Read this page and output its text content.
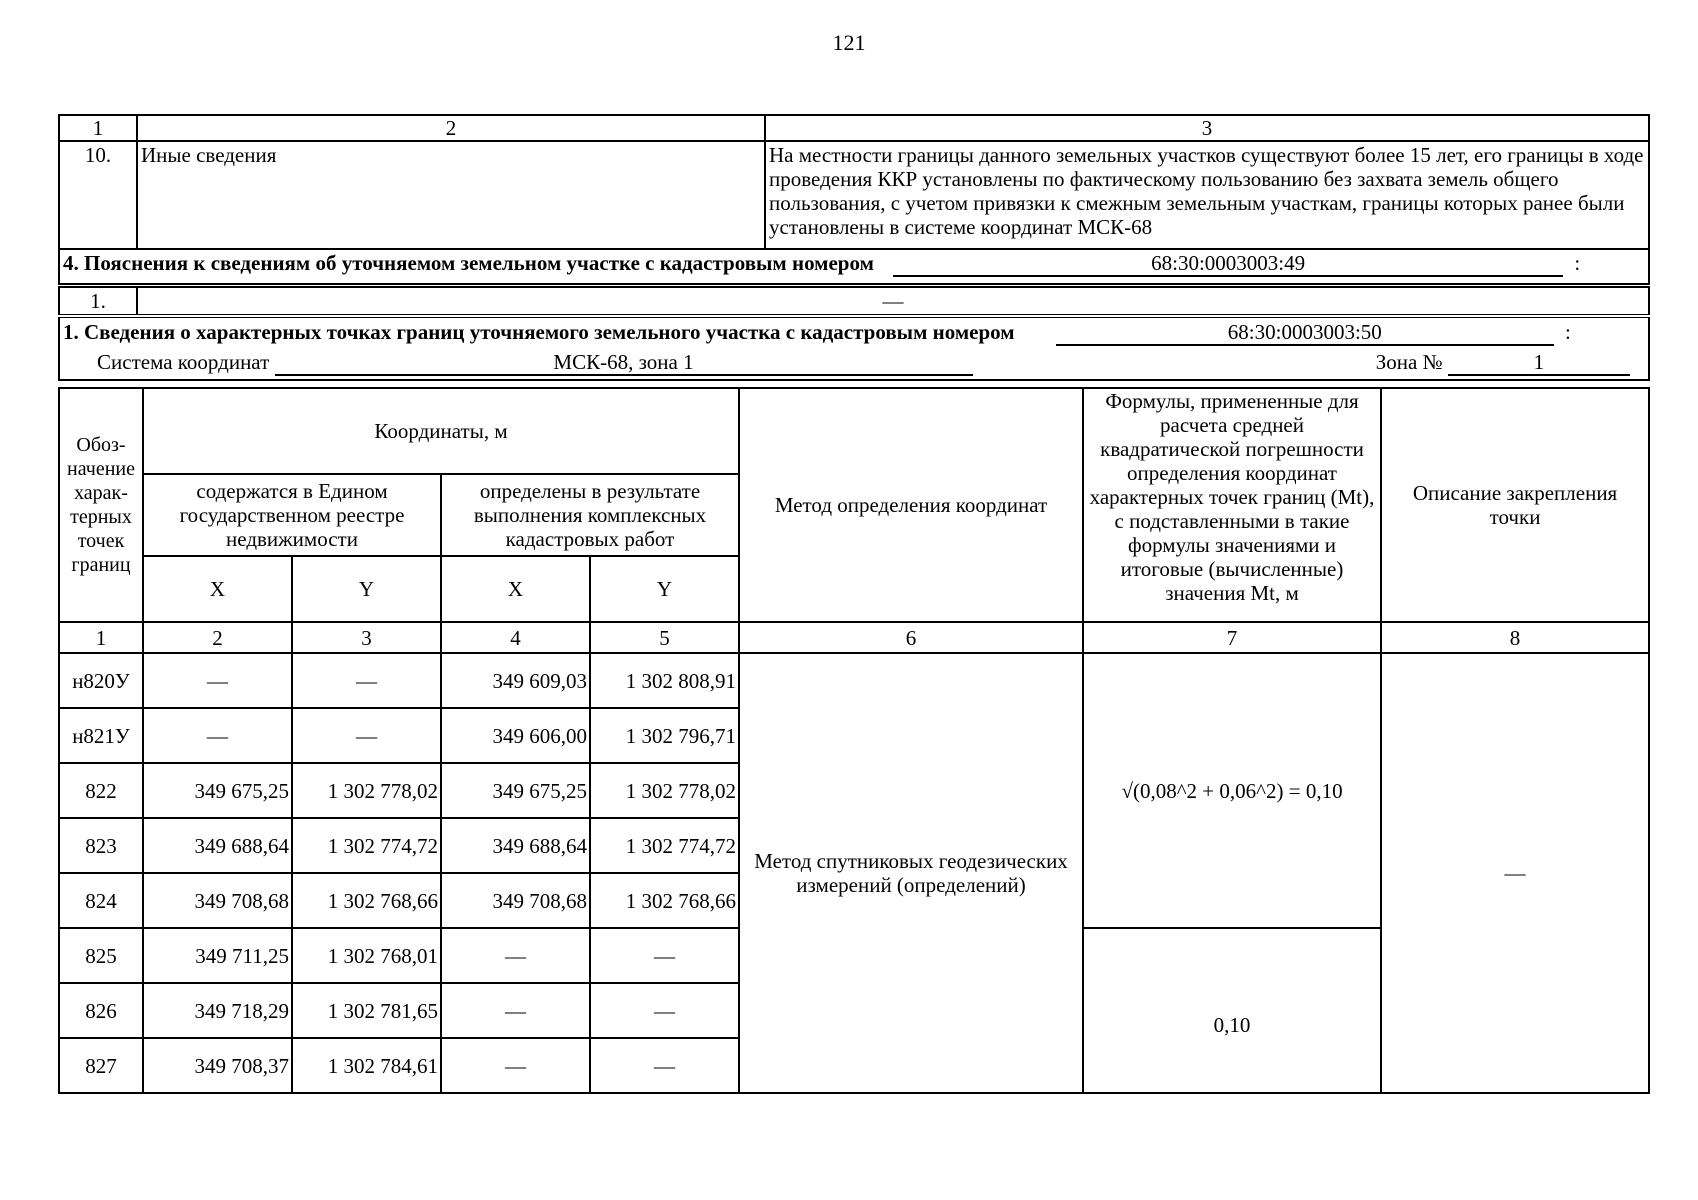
121
1	2	3
10.	Иные сведения	На местности границы данного земельных участков существуют более 15 лет, его границы в ходе проведения ККР установлены по фактическому пользованию без захвата земель общего пользования, с учетом привязки к смежным земельным участкам, границы которых ранее были установлены в системе координат МСК-68
4. Пояснения к сведениям об уточняемом земельном участке с кадастровым номером 68:30:0003003:49 :		
1.	—	

1. Сведения о характерных точках границ уточняемого земельного участка с кадастровым номером 68:30:0003003:50 :
Система координат МСК-68, зона 1 Зона № 1		
Обоз-начение харак-терных точек границ	Координаты, м				Метод определения координат	Формулы, примененные для расчета средней квадратической погрешности определения координат характерных точек границ (Mt), с подставленными в такие формулы значениями и итоговые (вычисленные) значения Mt, м	Описание закрепления точки
	содержатся в Едином государственном реестре недвижимости		определены в результате выполнения комплексных кадастровых работ				
	X	Y	X	Y			
1	2	3	4	5	6	7	8
н820У	—	—	349 609,03	1 302 808,91	Метод спутниковых геодезических измерений (определений)	√(0,08^2 + 0,06^2) = 0,10	—
н821У	—	—	349 606,00	1 302 796,71			
822	349 675,25	1 302 778,02	349 675,25	1 302 778,02			
823	349 688,64	1 302 774,72	349 688,64	1 302 774,72			
824	349 708,68	1 302 768,66	349 708,68	1 302 768,66			
825	349 711,25	1 302 768,01	—	—		0,10	
826	349 718,29	1 302 781,65	—	—			
827	349 708,37	1 302 784,61	—	—			
